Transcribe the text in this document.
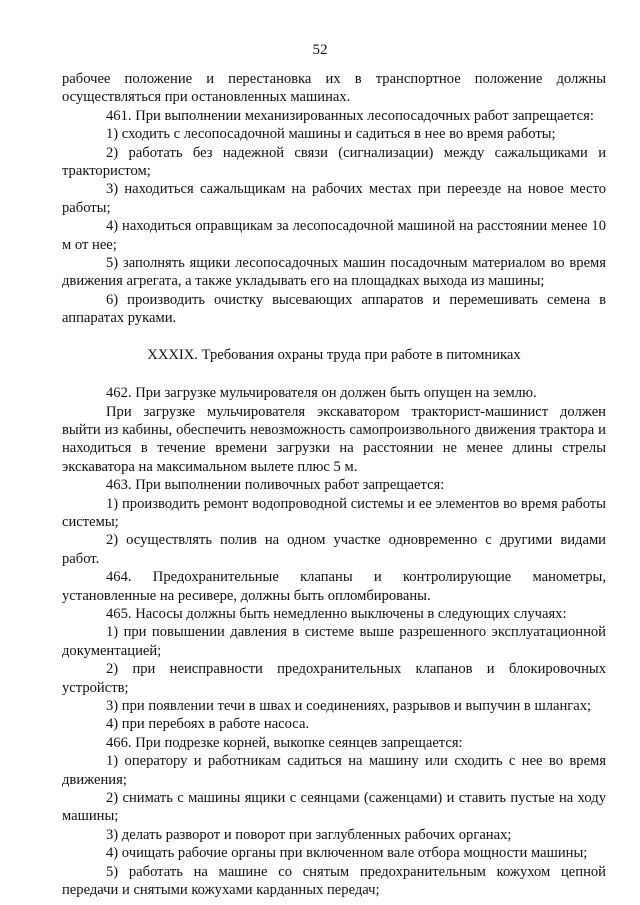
52

рабочее положение и перестановка их в транспортное положение должны осуществляться при остановленных машинах.

461. При выполнении механизированных лесопосадочных работ запрещается:

1) сходить с лесопосадочной машины и садиться в нее во время работы;

2) работать без надежной связи (сигнализации) между сажальщиками и трактористом;

3) находиться сажальщикам на рабочих местах при переезде на новое место работы;

4) находиться оправщикам за лесопосадочной машиной на расстоянии менее 10 м от нее;

5) заполнять ящики лесопосадочных машин посадочным материалом во время движения агрегата, а также укладывать его на площадках выхода из машины;

6) производить очистку высевающих аппаратов и перемешивать семена в аппаратах руками.

XXXIX. Требования охраны труда при работе в питомниках

462. При загрузке мульчирователя он должен быть опущен на землю.

При загрузке мульчирователя экскаватором тракторист-машинист должен выйти из кабины, обеспечить невозможность самопроизвольного движения трактора и находиться в течение времени загрузки на расстоянии не менее длины стрелы экскаватора на максимальном вылете плюс 5 м.

463. При выполнении поливочных работ запрещается:

1) производить ремонт водопроводной системы и ее элементов во время работы системы;

2) осуществлять полив на одном участке одновременно с другими видами работ.

464. Предохранительные клапаны и контролирующие манометры, установленные на ресивере, должны быть опломбированы.

465. Насосы должны быть немедленно выключены в следующих случаях:

1) при повышении давления в системе выше разрешенного эксплуатационной документацией;

2) при неисправности предохранительных клапанов и блокировочных устройств;

3) при появлении течи в швах и соединениях, разрывов и выпучин в шлангах;

4) при перебоях в работе насоса.

466. При подрезке корней, выкопке сеянцев запрещается:

1) оператору и работникам садиться на машину или сходить с нее во время движения;

2) снимать с машины ящики с сеянцами (саженцами) и ставить пустые на ходу машины;

3) делать разворот и поворот при заглубленных рабочих органах;

4) очищать рабочие органы при включенном вале отбора мощности машины;

5) работать на машине со снятым предохранительным кожухом цепной передачи и снятыми кожухами карданных передач;
